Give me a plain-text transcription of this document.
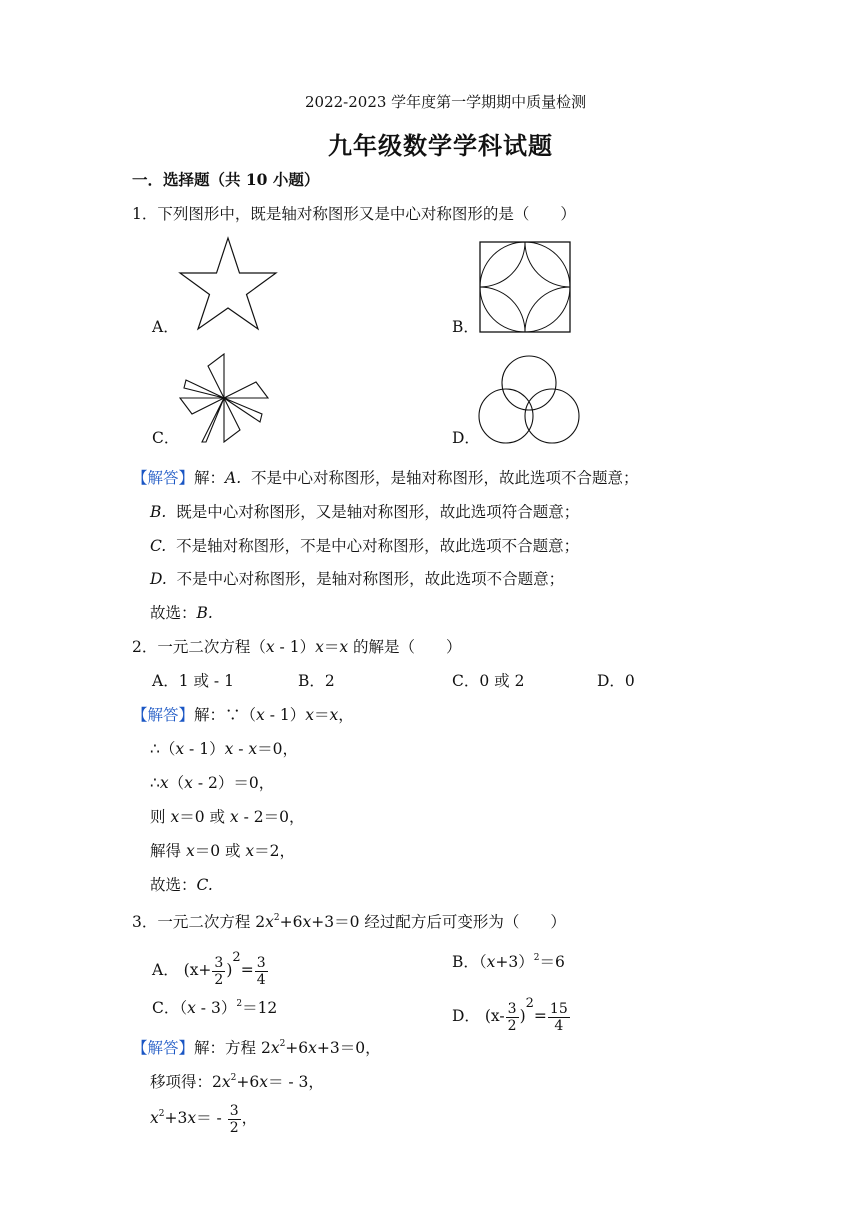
2022-2023 学年度第一学期期中质量检测
九年级数学学科试题
一．选择题（共 10 小题）
1．下列图形中，既是轴对称图形又是中心对称图形的是（　　）
A．	B．
C．	D．
【解答】解：A. 不是中心对称图形，是轴对称图形，故此选项不合题意；
B. 既是中心对称图形，又是轴对称图形，故此选项符合题意；
C. 不是轴对称图形，不是中心对称图形，故此选项不合题意；
D. 不是中心对称图形，是轴对称图形，故此选项不合题意；
故选：B.
2．一元二次方程（x - 1）x＝x 的解是（　　）
A．1 或 - 1	B．2	C．0 或 2	D．0
【解答】解：∵（x - 1）x＝x，
∴（x - 1）x - x＝0，
∴x（x - 2）＝0，
则 x＝0 或 x - 2＝0，
解得 x＝0 或 x＝2，
故选：C.
3．一元二次方程 $2x^2+6x+3=0$ 经过配方后可变形为（　　）
A． $(x+ \frac{3}{2} )^2= \frac{3}{4}$	B．$(x+3)^2=6$
C．（x - 3）$^2$＝12	D． $(x- \frac{3}{2} )^2= \frac{15}{4}$
【解答】解：方程 $2x^2+6x+3=0$，
移项得：$2x^2+6x= - 3$，
$x^2+3x= - \frac{3}{2}$ ，
